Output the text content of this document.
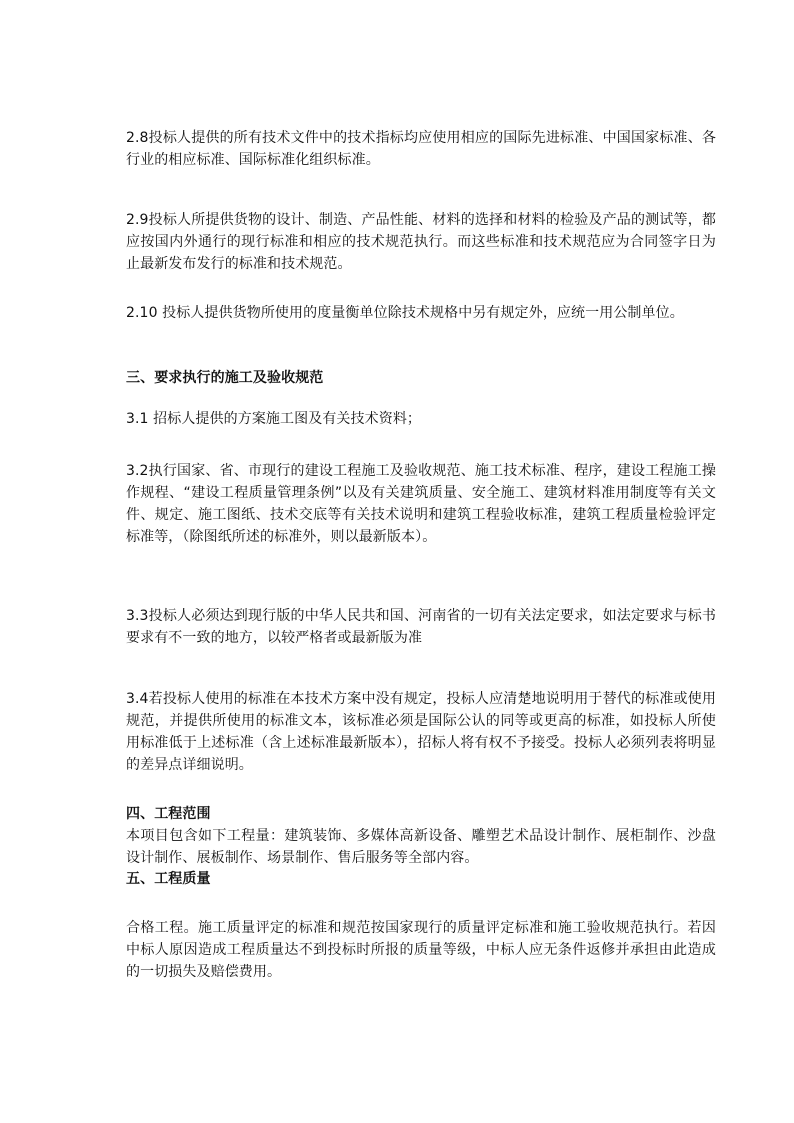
2.8投标人提供的所有技术文件中的技术指标均应使用相应的国际先进标准、中国国家标准、各行业的相应标准、国际标准化组织标准。

2.9投标人所提供货物的设计、制造、产品性能、材料的选择和材料的检验及产品的测试等，都应按国内外通行的现行标准和相应的技术规范执行。而这些标准和技术规范应为合同签字日为止最新发布发行的标准和技术规范。

2.10 投标人提供货物所使用的度量衡单位除技术规格中另有规定外，应统一用公制单位。

三、要求执行的施工及验收规范

3.1 招标人提供的方案施工图及有关技术资料；

3.2执行国家、省、市现行的建设工程施工及验收规范、施工技术标准、程序，建设工程施工操作规程、“建设工程质量管理条例”以及有关建筑质量、安全施工、建筑材料准用制度等有关文件、规定、施工图纸、技术交底等有关技术说明和建筑工程验收标准，建筑工程质量检验评定标准等，（除图纸所述的标准外，则以最新版本）。

3.3投标人必须达到现行版的中华人民共和国、河南省的一切有关法定要求，如法定要求与标书要求有不一致的地方，以较严格者或最新版为准

3.4若投标人使用的标准在本技术方案中没有规定，投标人应清楚地说明用于替代的标准或使用规范，并提供所使用的标准文本，该标准必须是国际公认的同等或更高的标准，如投标人所使用标准低于上述标准（含上述标准最新版本），招标人将有权不予接受。投标人必须列表将明显的差异点详细说明。

四、工程范围

本项目包含如下工程量：建筑装饰、多媒体高新设备、雕塑艺术品设计制作、展柜制作、沙盘设计制作、展板制作、场景制作、售后服务等全部内容。

五、工程质量

合格工程。施工质量评定的标准和规范按国家现行的质量评定标准和施工验收规范执行。若因中标人原因造成工程质量达不到投标时所报的质量等级，中标人应无条件返修并承担由此造成的一切损失及赔偿费用。
